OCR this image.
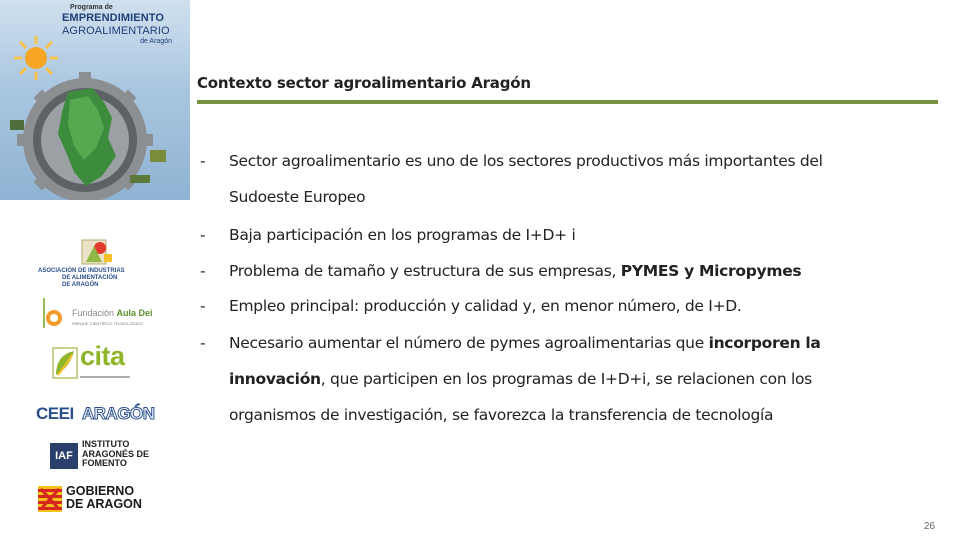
Programa de
EMPRENDIMIENTO
AGROALIMENTARIO
de Aragón
Contexto sector agroalimentario Aragón
- Sector agroalimentario es uno de los sectores productivos más importantes del
Sudoeste Europeo
- Baja participación en los programas de I+D+ i
- Problema de tamaño y estructura de sus empresas, PYMES y Micropymes
- Empleo principal: producción y calidad y, en menor número, de I+D.
- Necesario aumentar el número de pymes agroalimentarias que incorporen la innovación, que participen en los programas de I+D+i, se relacionen con los organismos de investigación, se favorezca la transferencia de tecnología
ASOCIACIÓN DE INDUSTRIAS
DE ALIMENTACIÓN
DE ARAGÓN
Fundación Aula Dei
PARQUE CIENTÍFICO TECNOLÓGICO
cita
CEEI ARAGÓN
IAF
INSTITUTO
ARAGONÉS DE
FOMENTO
GOBIERNO
DE ARAGON
26
